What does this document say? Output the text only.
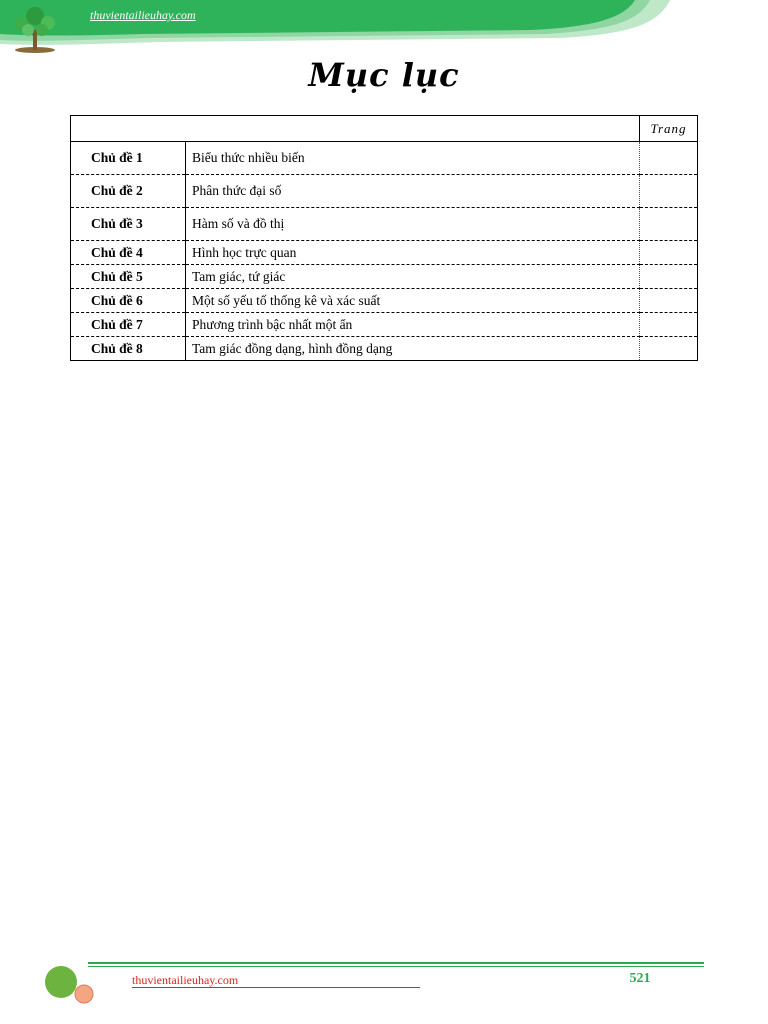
thuvientailieuhay.com
Mục lục
		Trang
Chủ đề 1	Biểu thức nhiều biến	
Chủ đề 2	Phân thức đại số	
Chủ đề 3	Hàm số và đồ thị	
Chủ đề 4	Hình học trực quan	
Chủ đề 5	Tam giác, tứ giác	
Chủ đề 6	Một số yếu tố thống kê và xác suất	
Chủ đề 7	Phương trình bậc nhất một ẩn	
Chủ đề 8	Tam giác đồng dạng, hình đồng dạng	
thuvientailieuhay.com	521
